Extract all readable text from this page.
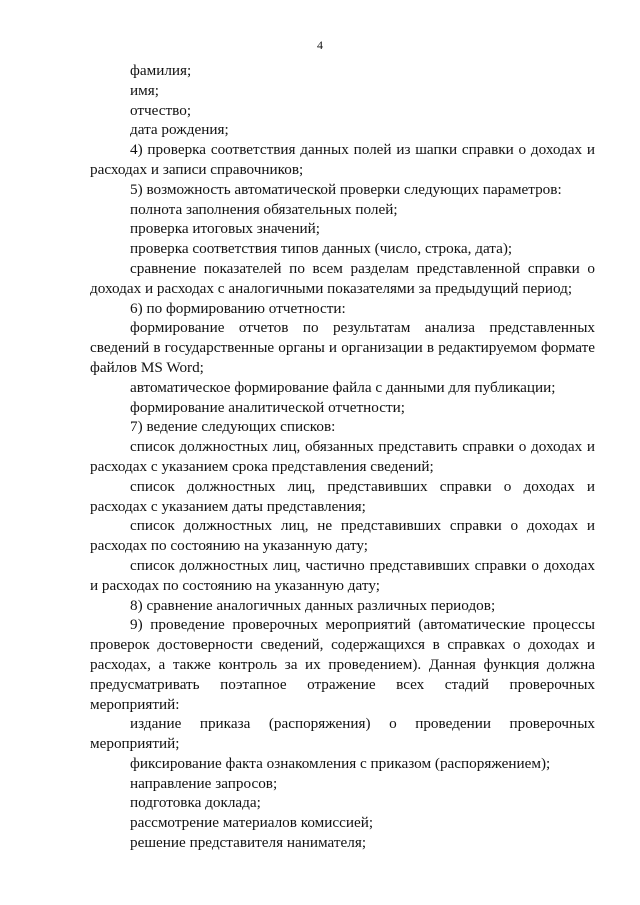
4

фамилия;

имя;

отчество;

дата рождения;

4) проверка соответствия данных полей из шапки справки о доходах и расходах и записи справочников;

5) возможность автоматической проверки следующих параметров:

полнота заполнения обязательных полей;

проверка итоговых значений;

проверка соответствия типов данных (число, строка, дата);

сравнение показателей по всем разделам представленной справки о доходах и расходах с аналогичными показателями за предыдущий период;

6) по формированию отчетности:

формирование отчетов по результатам анализа представленных сведений в государственные органы и организации в редактируемом формате файлов MS Word;

автоматическое формирование файла с данными для публикации;

формирование аналитической отчетности;

7) ведение следующих списков:

список должностных лиц, обязанных представить справки о доходах и расходах с указанием срока представления сведений;

список должностных лиц, представивших справки о доходах и расходах с указанием даты представления;

список должностных лиц, не представивших справки о доходах и расходах по состоянию на указанную дату;

список должностных лиц, частично представивших справки о доходах и расходах по состоянию на указанную дату;

8) сравнение аналогичных данных различных периодов;

9) проведение проверочных мероприятий (автоматические процессы проверок достоверности сведений, содержащихся в справках о доходах и расходах, а также контроль за их проведением). Данная функция должна предусматривать поэтапное отражение всех стадий проверочных мероприятий:

издание приказа (распоряжения) о проведении проверочных мероприятий;

фиксирование факта ознакомления с приказом (распоряжением);

направление запросов;

подготовка доклада;

рассмотрение материалов комиссией;

решение представителя нанимателя;
